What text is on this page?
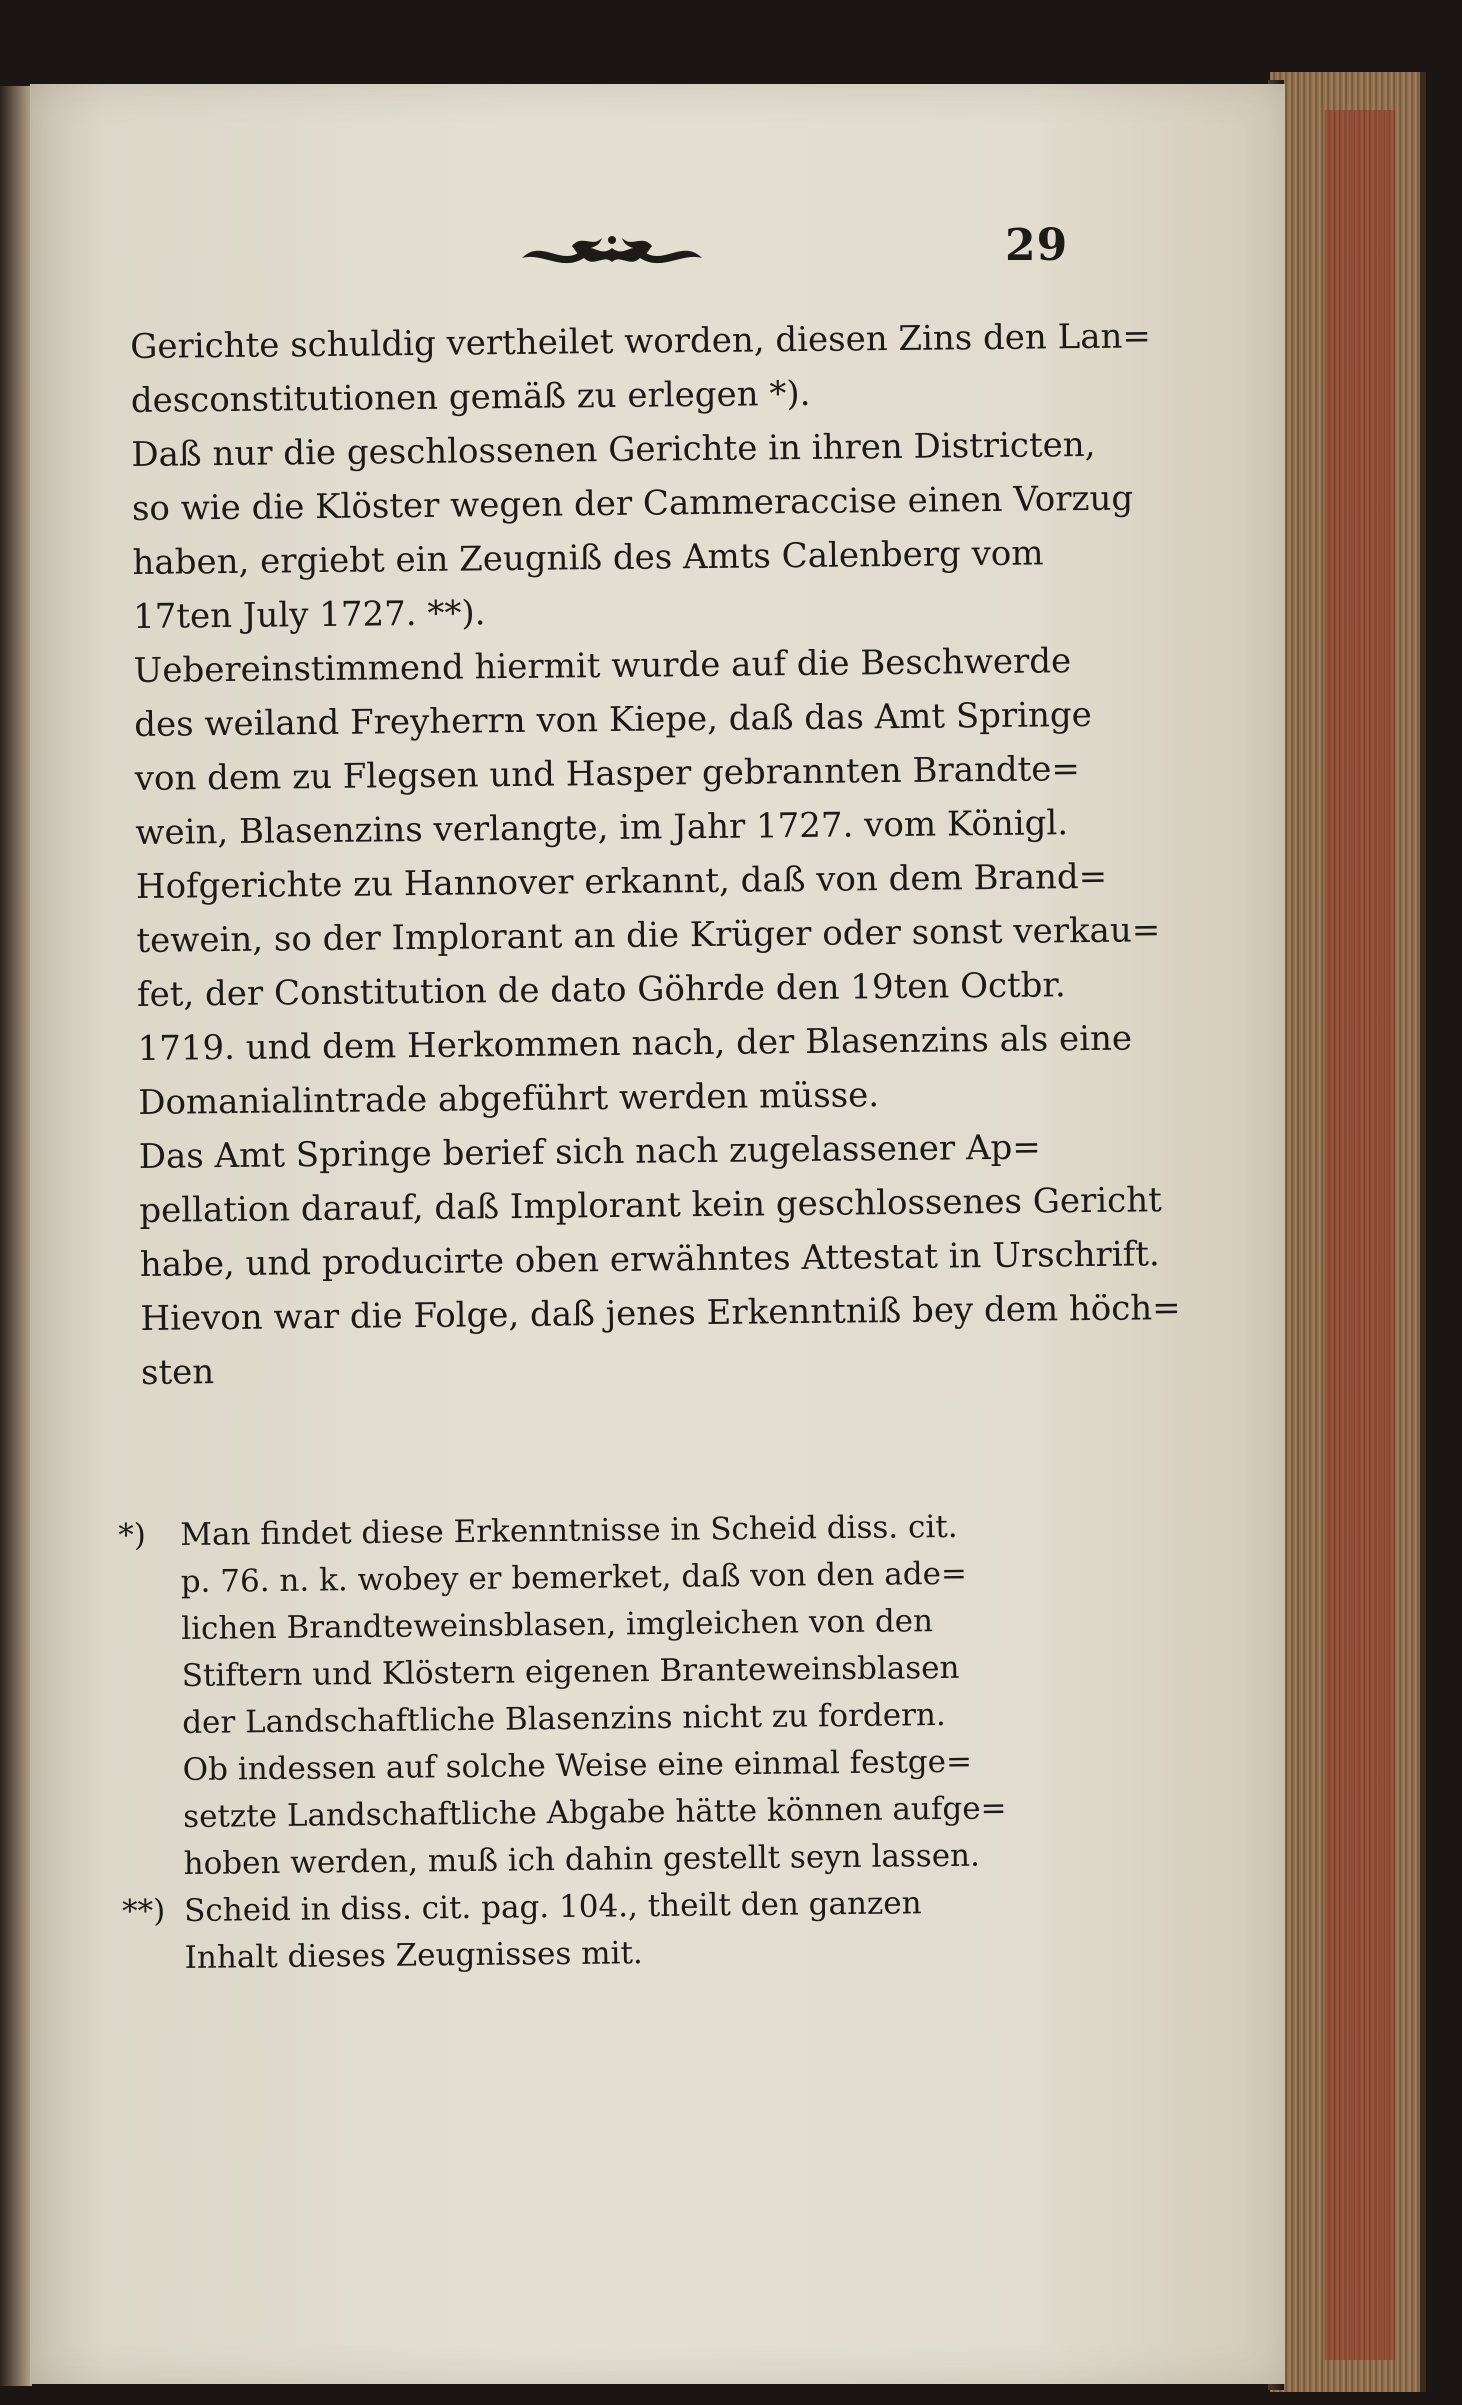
29
Gerichte schuldig vertheilet worden, diesen Zins den Lan=
desconstitutionen gemäß zu erlegen *).
Daß nur die geschlossenen Gerichte in ihren Districten,
so wie die Klöster wegen der Cammeraccise einen Vorzug
haben, ergiebt ein Zeugniß des Amts Calenberg vom
17ten July 1727. **).
Uebereinstimmend hiermit wurde auf die Beschwerde
des weiland Freyherrn von Kiepe, daß das Amt Springe
von dem zu Flegsen und Hasper gebrannten Brandte=
wein, Blasenzins verlangte, im Jahr 1727. vom Königl.
Hofgerichte zu Hannover erkannt, daß von dem Brand=
tewein, so der Implorant an die Krüger oder sonst verkau=
fet, der Constitution de dato Göhrde den 19ten Octbr.
1719. und dem Herkommen nach, der Blasenzins als eine
Domanialintrade abgeführt werden müsse.
Das Amt Springe berief sich nach zugelassener Ap=
pellation darauf, daß Implorant kein geschlossenes Gericht
habe, und producirte oben erwähntes Attestat in Urschrift.
Hievon war die Folge, daß jenes Erkenntniß bey dem höch=
sten
*) Man findet diese Erkenntnisse in Scheid diss. cit.
p. 76. n. k. wobey er bemerket, daß von den ade=
lichen Brandteweinsblasen, imgleichen von den
Stiftern und Klöstern eigenen Branteweinsblasen
der Landschaftliche Blasenzins nicht zu fordern.
Ob indessen auf solche Weise eine einmal festge=
setzte Landschaftliche Abgabe hätte können aufge=
hoben werden, muß ich dahin gestellt seyn lassen.
**) Scheid in diss. cit. pag. 104., theilt den ganzen
Inhalt dieses Zeugnisses mit.
